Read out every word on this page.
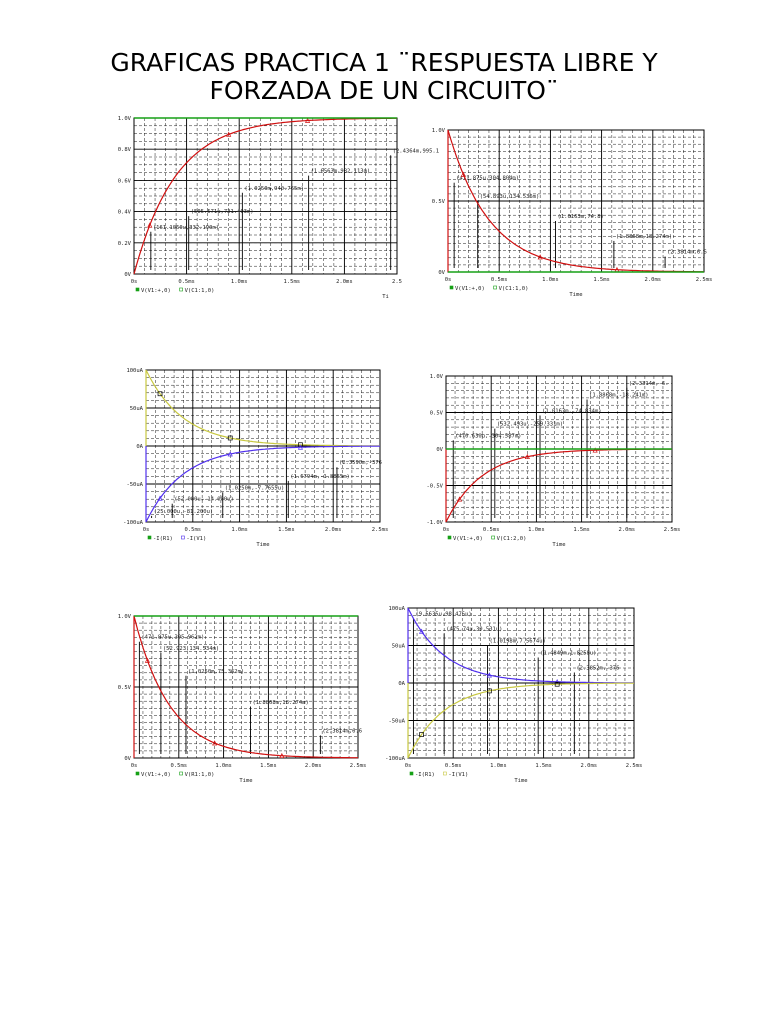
GRAFICAS PRACTICA 1 ¨RESPUESTA LIBRE Y
FORZADA DE UN CIRCUITO¨
0s	0.5ms	1.0ms	1.5ms	2.0ms	2.5
0V
0.2V
0.4V
0.6V
0.8V
1.0V
(2.4364m,995.1
(1.6563m,982.113m)
(1.0250m,940.765m)
(505.571u,721.403m)
(161.1060u,332.190m)
V(V1:+,0)	V(C1:1,0)
Ti
0s	0.5ms	1.0ms	1.5ms	2.0ms	2.5ms
0V
0.5V
1.0V
(471.875u,304.804m)
(54.893u,134.536m)
(1.0163m,74.8)
(1.8868m,18.274m)
(2.3814m,6.6
V(V1:+,0)	V(C1:1,0)
Time
0s	0.5ms	1.0ms	1.5ms	2.0ms	2.5ms
-100uA
-50uA
0A
50uA
100uA
(2.3590m,-376
(1.6794m,-1.8855m)
(1.0250m,-7.7655u)
(52.000u,-14.000u)
(25.000u,-81.200u)
-I(R1) -I(V1)
Time
0s	0.5ms	1.0ms	1.5ms	2.0ms	2.5ms
-1.0V
-0.5V
0V
0.5V
1.0V
(2.3314m,-6.
(1.8868m,-18.241m)
(1.0163m,-74.834m)
(532.493u,-259.331m)
(470.630u,-304.587m)
V(V1:+,0)	V(C1:2,0)
Time
0s	0.5ms	1.0ms	1.5ms	2.0ms	2.5ms
0V
0.5V
1.0V
(471.875u,305.962m)
(52.923,134.534m)
(1.0250m,75.362m)
(1.8868m,18.274m)
(2.3814m,6.6
V(V1:+,0)	V(R1:1,0)
Time
0s	0.5ms	1.0ms	1.5ms	2.0ms	2.5ms
-100uA
-50uA
0A
50uA
100uA
(9.5635u,98.475u)
(475.74u,30.531u)
(1.0198m,7.5674u)
(1.4849m,1.8258u)
(2.3852m,-376
-I(R1) -I(V1)
Time
